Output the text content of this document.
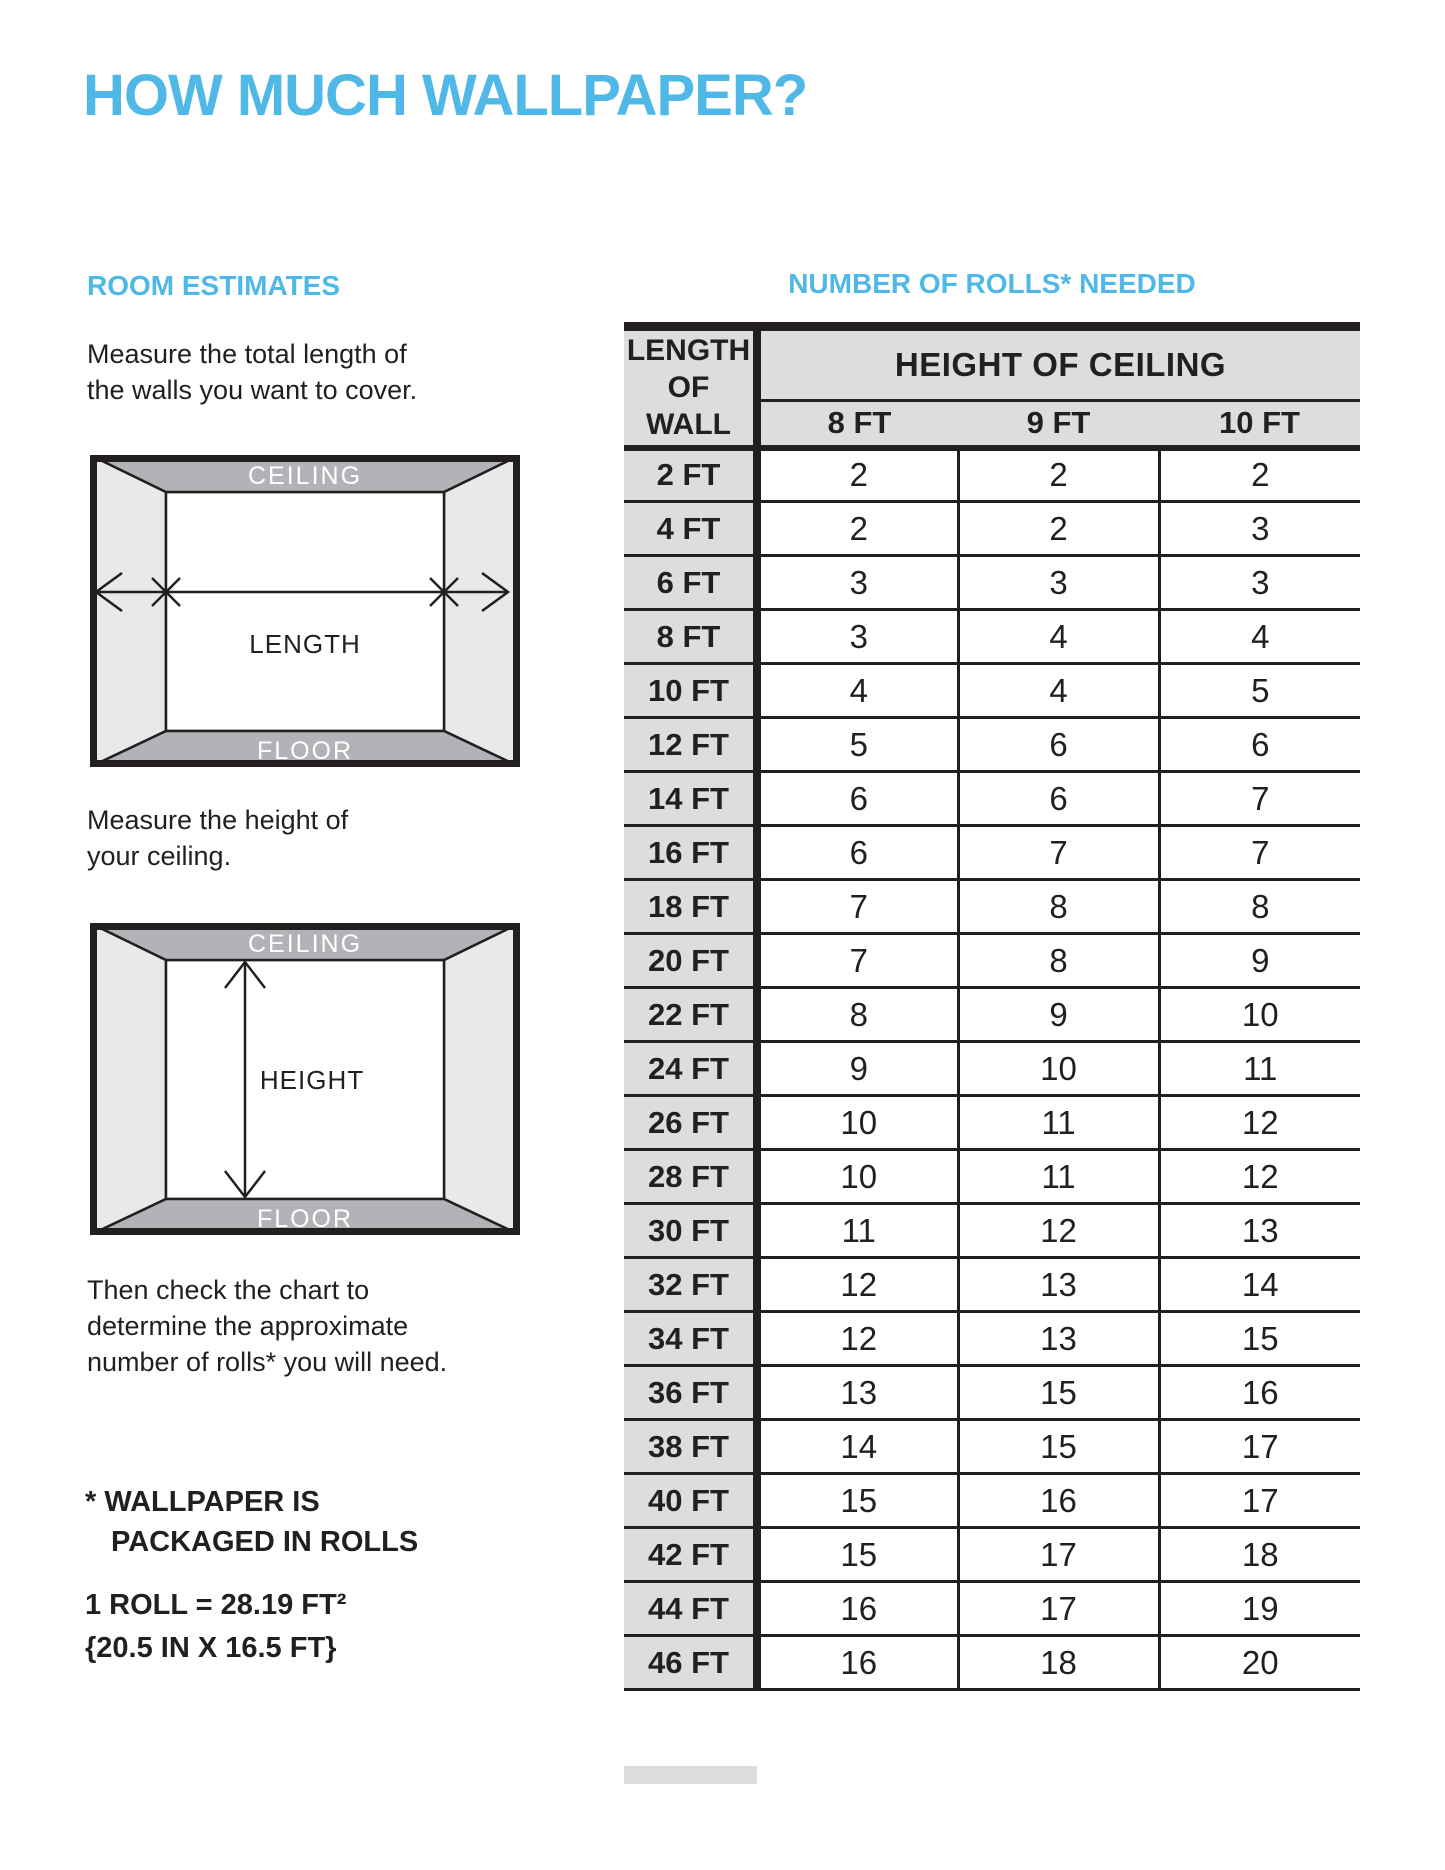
HOW MUCH WALLPAPER?
ROOM ESTIMATES
Measure the total length of
the walls you want to cover.
CEILING
FLOOR
LENGTH
Measure the height of
your ceiling.
CEILING
FLOOR
HEIGHT
Then check the chart to
determine the approximate
number of rolls* you will need.
* WALLPAPER IS
PACKAGED IN ROLLS
1 ROLL = 28.19 FT²
{20.5 IN X 16.5 FT}
NUMBER OF ROLLS* NEEDED
LENGTH
OF WALL	HEIGHT OF CEILING		
	8 FT	9 FT	10 FT
2 FT	2	2	2
4 FT	2	2	3
6 FT	3	3	3
8 FT	3	4	4
10 FT	4	4	5
12 FT	5	6	6
14 FT	6	6	7
16 FT	6	7	7
18 FT	7	8	8
20 FT	7	8	9
22 FT	8	9	10
24 FT	9	10	11
26 FT	10	11	12
28 FT	10	11	12
30 FT	11	12	13
32 FT	12	13	14
34 FT	12	13	15
36 FT	13	15	16
38 FT	14	15	17
40 FT	15	16	17
42 FT	15	17	18
44 FT	16	17	19
46 FT	16	18	20
